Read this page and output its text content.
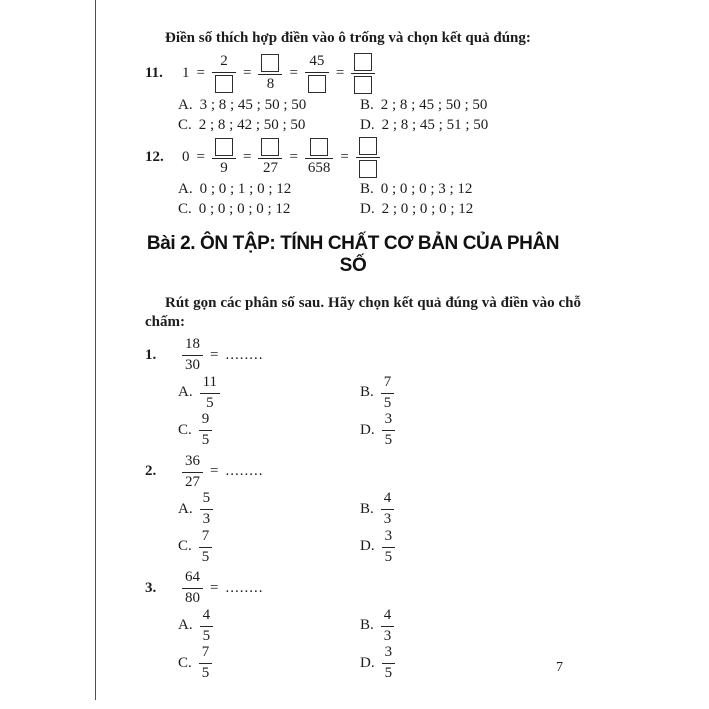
Điền số thích hợp điền vào ô trống và chọn kết quả đúng:
11.	1 =
2
=
8
=
45
=
A. 3 ; 8 ; 45 ; 50 ; 50	B. 2 ; 8 ; 45 ; 50 ; 50
C. 2 ; 8 ; 42 ; 50 ; 50	D. 2 ; 8 ; 45 ; 51 ; 50
12.	0 =
9
=
27
=
658
=
A. 0 ; 0 ; 1 ; 0 ; 12	B. 0 ; 0 ; 0 ; 3 ; 12
C. 0 ; 0 ; 0 ; 0 ; 12	D. 2 ; 0 ; 0 ; 0 ; 12
Bài 2. ÔN TẬP: TÍNH CHẤT CƠ BẢN CỦA PHÂN SỐ
Rút gọn các phân số sau. Hãy chọn kết quả đúng và điền vào chỗ chấm:
1.	$\frac{18}{30}$ = ........
A. $\frac{11}{5}$	B. $\frac{7}{5}$
C. $\frac{9}{5}$	D. $\frac{3}{5}$
2.	$\frac{36}{27}$ = ........
A. $\frac{5}{3}$	B. $\frac{4}{3}$
C. $\frac{7}{5}$	D. $\frac{3}{5}$
3.	$\frac{64}{80}$ = ........
A. $\frac{4}{5}$	B. $\frac{4}{3}$
C. $\frac{7}{5}$	D. $\frac{3}{5}$	7
